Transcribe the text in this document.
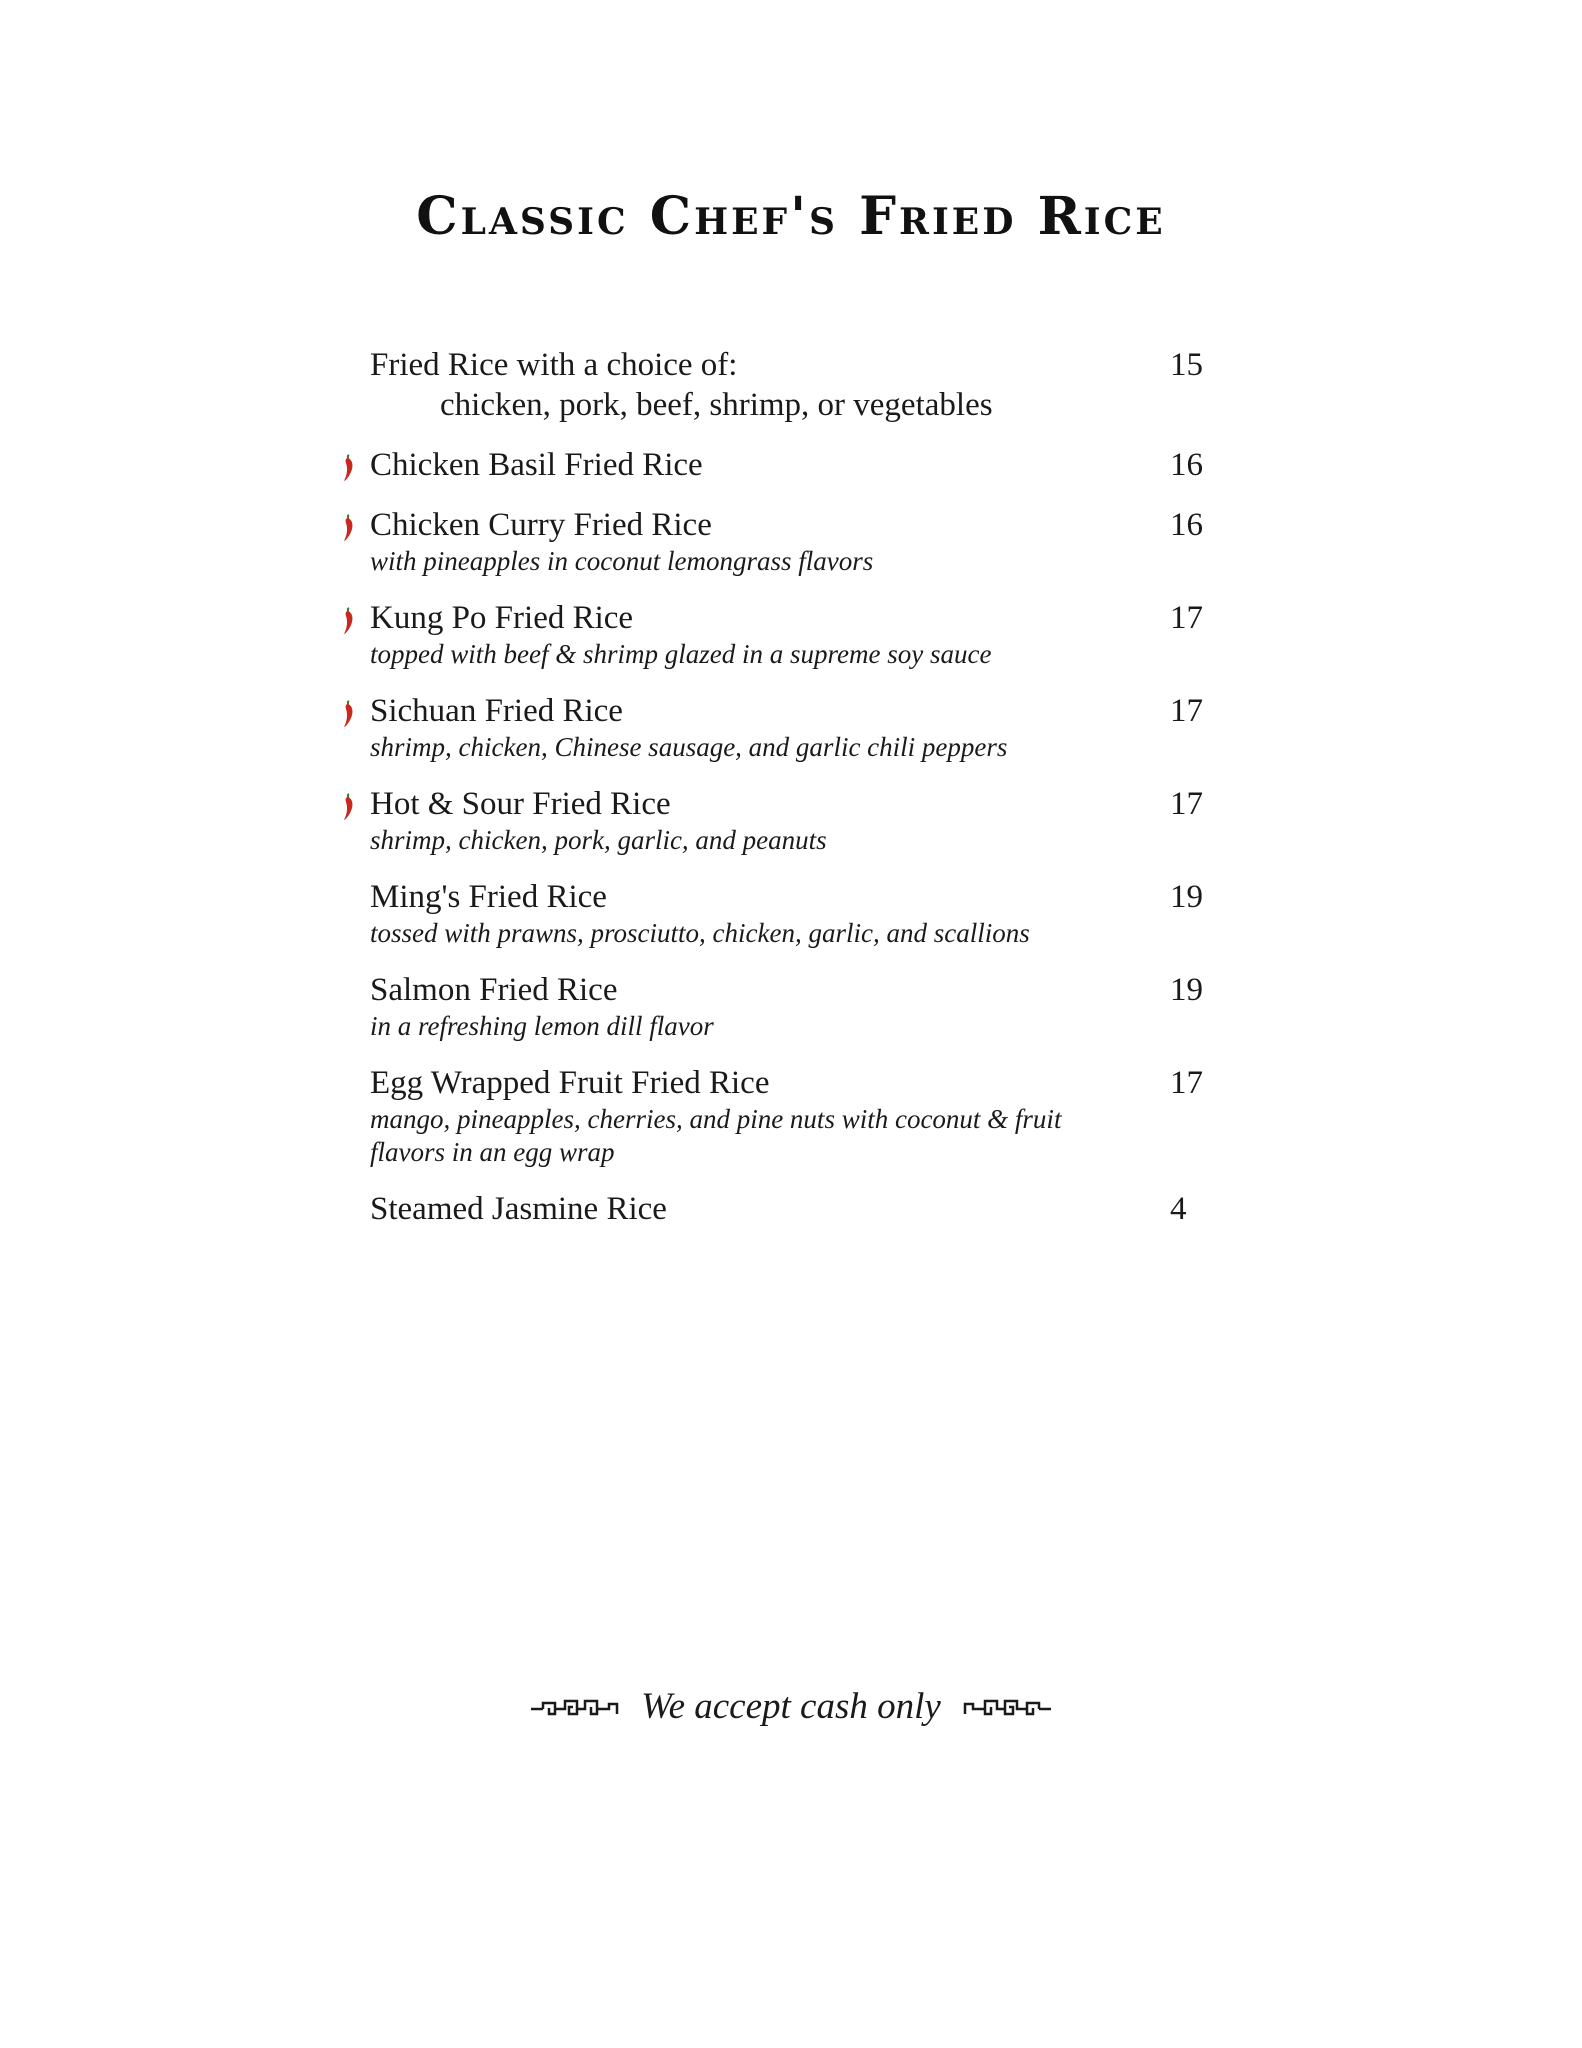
Classic Chef's Fried Rice
Fried Rice with a choice of:	15
chicken, pork, beef, shrimp, or vegetables
Chicken Basil Fried Rice	16
Chicken Curry Fried Rice	16
with pineapples in coconut lemongrass flavors
Kung Po Fried Rice	17
topped with beef & shrimp glazed in a supreme soy sauce
Sichuan Fried Rice	17
shrimp, chicken, Chinese sausage, and garlic chili peppers
Hot & Sour Fried Rice	17
shrimp, chicken, pork, garlic, and peanuts
Ming's Fried Rice	19
tossed with prawns, prosciutto, chicken, garlic, and scallions
Salmon Fried Rice	19
in a refreshing lemon dill flavor
Egg Wrapped Fruit Fried Rice	17
mango, pineapples, cherries, and pine nuts with coconut & fruit flavors in an egg wrap
Steamed Jasmine Rice	4
We accept cash only
